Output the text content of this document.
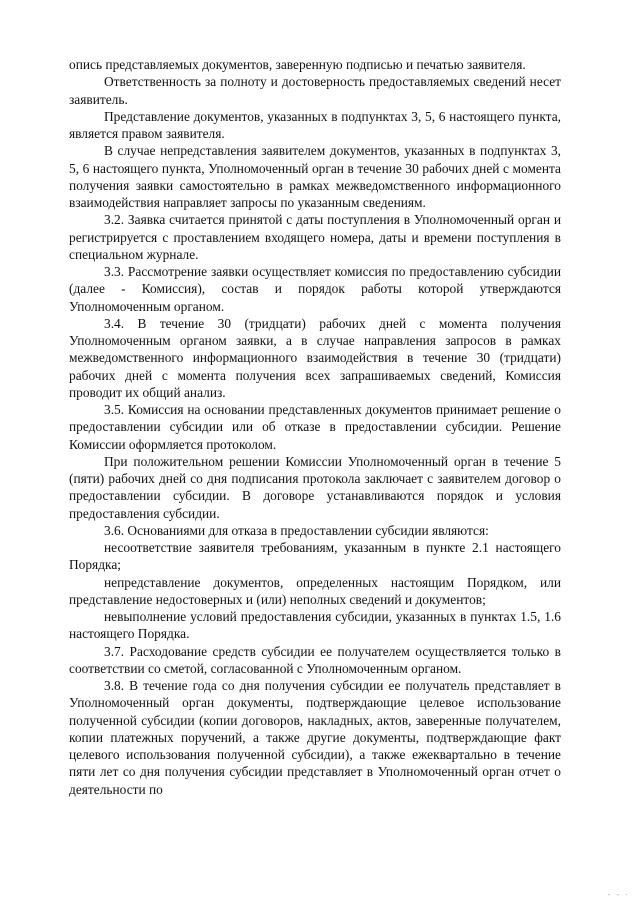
опись представляемых документов, заверенную подписью и печатью заявителя.

Ответственность за полноту и достоверность предоставляемых сведений несет заявитель.

Представление документов, указанных в подпунктах 3, 5, 6 настоящего пункта, является правом заявителя.

В случае непредставления заявителем документов, указанных в подпунктах 3, 5, 6 настоящего пункта, Уполномоченный орган в течение 30 рабочих дней с момента получения заявки самостоятельно в рамках межведомственного информационного взаимодействия направляет запросы по указанным сведениям.

3.2. Заявка считается принятой с даты поступления в Уполномоченный орган и регистрируется с проставлением входящего номера, даты и времени поступления в специальном журнале.

3.3. Рассмотрение заявки осуществляет комиссия по предоставлению субсидии (далее - Комиссия), состав и порядок работы которой утверждаются Уполномоченным органом.

3.4. В течение 30 (тридцати) рабочих дней с момента получения Уполномоченным органом заявки, а в случае направления запросов в рамках межведомственного информационного взаимодействия в течение 30 (тридцати) рабочих дней с момента получения всех запрашиваемых сведений, Комиссия проводит их общий анализ.

3.5. Комиссия на основании представленных документов принимает решение о предоставлении субсидии или об отказе в предоставлении субсидии. Решение Комиссии оформляется протоколом.

При положительном решении Комиссии Уполномоченный орган в течение 5 (пяти) рабочих дней со дня подписания протокола заключает с заявителем договор о предоставлении субсидии. В договоре устанавливаются порядок и условия предоставления субсидии.

3.6. Основаниями для отказа в предоставлении субсидии являются:

несоответствие заявителя требованиям, указанным в пункте 2.1 настоящего Порядка;

непредставление документов, определенных настоящим Порядком, или представление недостоверных и (или) неполных сведений и документов;

невыполнение условий предоставления субсидии, указанных в пунктах 1.5, 1.6 настоящего Порядка.

3.7. Расходование средств субсидии ее получателем осуществляется только в соответствии со сметой, согласованной с Уполномоченным органом.

3.8. В течение года со дня получения субсидии ее получатель представляет в Уполномоченный орган документы, подтверждающие целевое использование полученной субсидии (копии договоров, накладных, актов, заверенные получателем, копии платежных поручений, а также другие документы, подтверждающие факт целевого использования полученной субсидии), а также ежеквартально в течение пяти лет со дня получения субсидии представляет в Уполномоченный орган отчет о деятельности по

- - ·
